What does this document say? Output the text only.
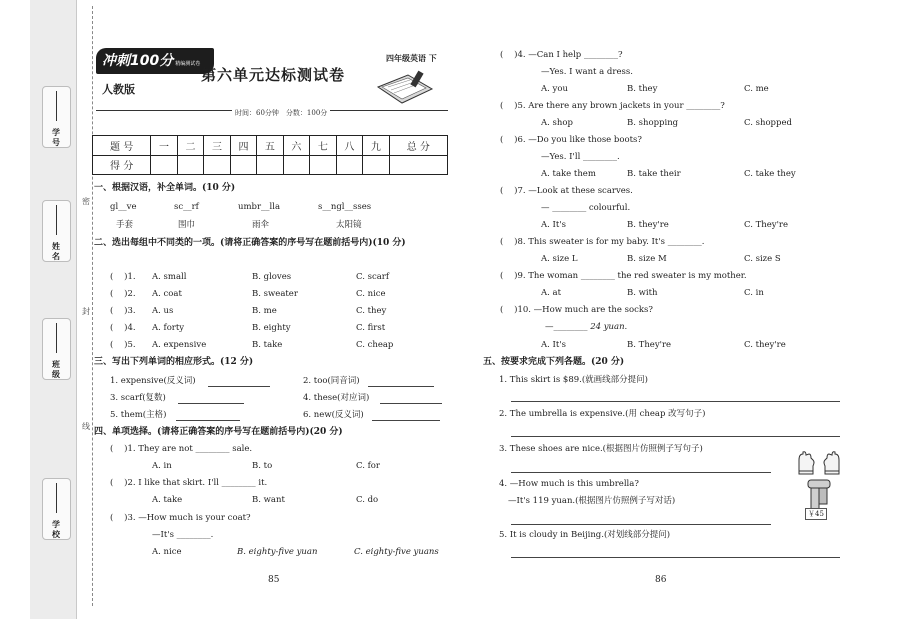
学号
姓名
班级
学校
密
封
线
冲刺100分 精编测试卷
人教版
第六单元达标测试卷
四年级英语 下
时间：60分钟　分数：100分
题 号	一	二	三	四	五	六	七	八	九	总 分
得 分										
一、根据汉语，补全单词。(10 分)
gl__ve	sc__rf	umbr__lla	s__ngl__sses
手套	围巾	雨伞	太阳镜
二、选出每组中不同类的一项。(请将正确答案的序号写在题前括号内)(10 分)
(    )1. A. small	B. gloves	C. scarf
(    )2. A. coat	B. sweater	C. nice
(    )3. A. us	B. me	C. they
(    )4. A. forty	B. eighty	C. first
(    )5. A. expensive	B. take	C. cheap
三、写出下列单词的相应形式。(12 分)
1. expensive(反义词)	2. too(同音词)
3. scarf(复数)	4. these(对应词)
5. them(主格)	6. new(反义词)
四、单项选择。(请将正确答案的序号写在题前括号内)(20 分)
(    )1. They are not ________ sale.
A. in	B. to	C. for
(    )2. I like that skirt. I'll ________ it.
A. take	B. want	C. do
(    )3. —How much is your coat?
—It's ________.
A. nice	B. eighty-five yuan	C. eighty-five yuans
(    )4. —Can I help ________?
—Yes. I want a dress.
A. you	B. they	C. me
(    )5. Are there any brown jackets in your ________?
A. shop	B. shopping	C. shopped
(    )6. —Do you like those boots?
—Yes. I'll ________.
A. take them	B. take their	C. take they
(    )7. —Look at these scarves.
— ________ colourful.
A. It's	B. they're	C. They're
(    )8. This sweater is for my baby. It's ________.
A. size L	B. size M	C. size S
(    )9. The woman ________ the red sweater is my mother.
A. at	B. with	C. in
(    )10. —How much are the socks?
—________ 24 yuan.
A. It's	B. They're	C. they're
五、按要求完成下列各题。(20 分)
1. This skirt is $89.(就画线部分提问)
2. The umbrella is expensive.(用 cheap 改写句子)
3. These shoes are nice.(根据图片仿照例子写句子)
4. —How much is this umbrella?
—It's 119 yuan.(根据图片仿照例子写对话)
5. It is cloudy in Beijing.(对划线部分提问)
￥45
85	86
